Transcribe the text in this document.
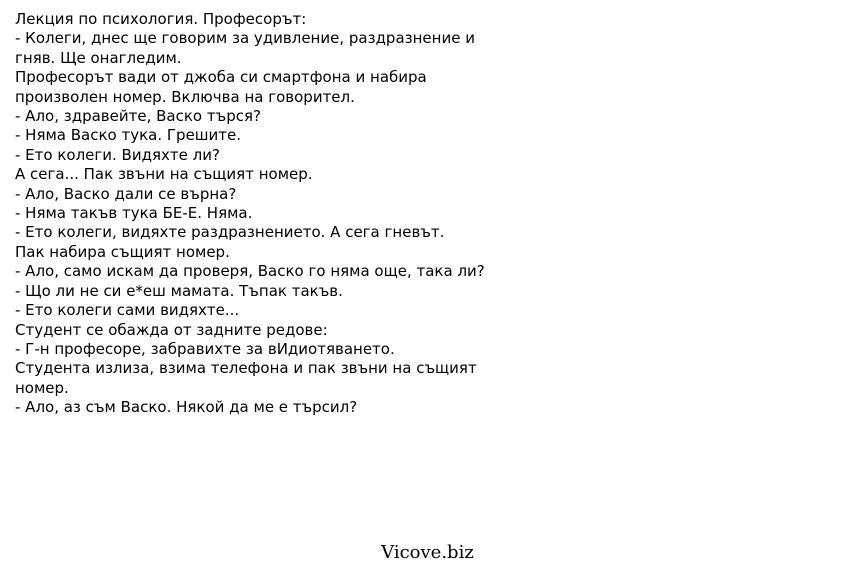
Лекция по психология. Професорът:
- Колеги, днес ще говорим за удивление, раздразнение и
гняв. Ще онагледим.
Професорът вади от джоба си смартфона и набира
произволен номер. Включва на говорител.
- Ало, здравейте, Васко търся?
- Няма Васко тука. Грешите.
- Ето колеги. Видяхте ли?
А сега... Пак звъни на същият номер.
- Ало, Васко дали се върна?
- Няма такъв тука БЕ-Е. Няма.
- Ето колеги, видяхте раздразнението. А сега гневът.
Пак набира същият номер.
- Ало, само искам да проверя, Васко го няма още, така ли?
- Що ли не си е*еш мамата. Тъпак такъв.
- Ето колеги сами видяхте...
Студент се обажда от задните редове:
- Г-н професоре, забравихте за вИдиотяването.
Студента излиза, взима телефона и пак звъни на същият
номер.
- Ало, аз съм Васко. Някой да ме е търсил?
Vicove.biz
